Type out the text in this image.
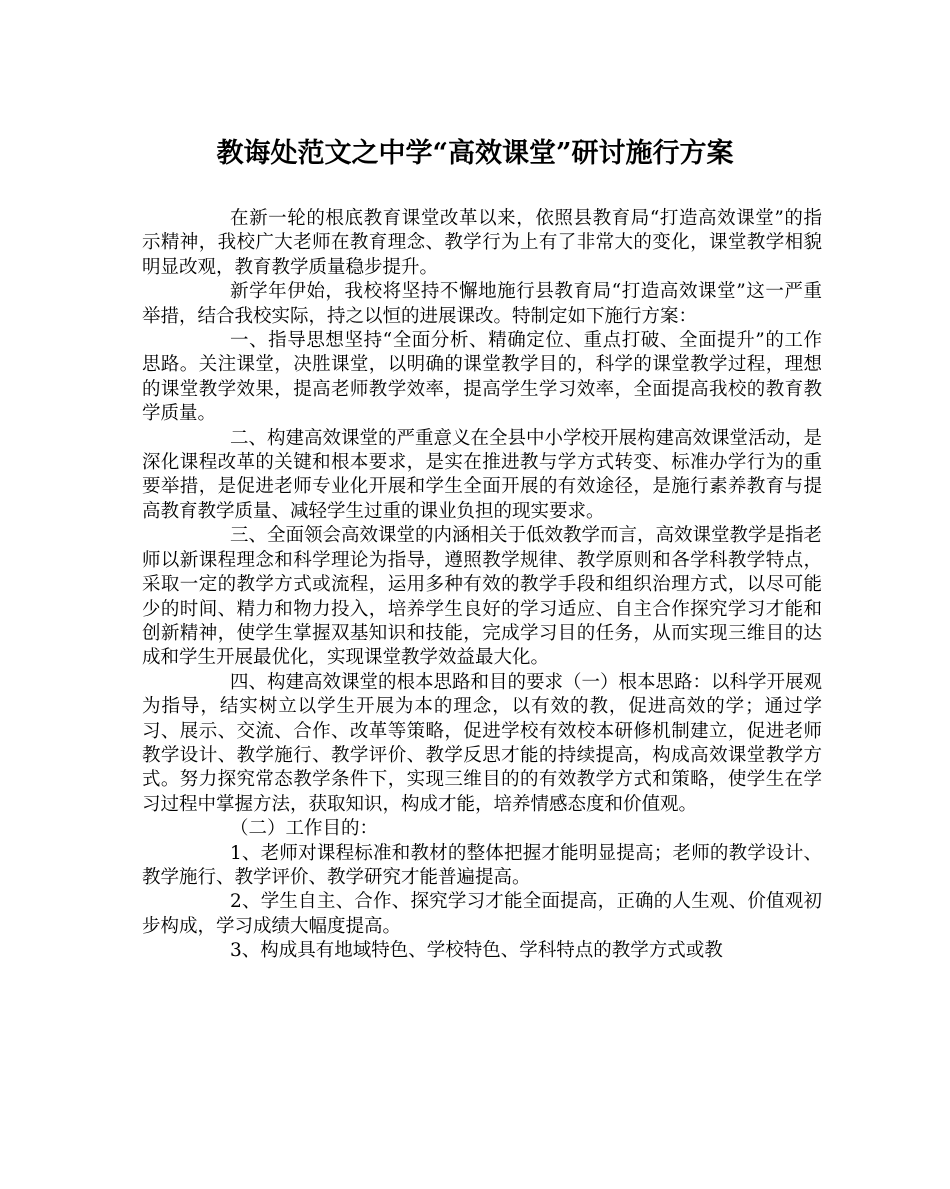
教诲处范文之中学“高效课堂”研讨施行方案

在新一轮的根底教育课堂改革以来，依照县教育局“打造高效课堂”的指示精神，我校广大老师在教育理念、教学行为上有了非常大的变化，课堂教学相貌明显改观，教育教学质量稳步提升。

新学年伊始，我校将坚持不懈地施行县教育局“打造高效课堂”这一严重举措，结合我校实际，持之以恒的进展课改。特制定如下施行方案：

一、指导思想坚持“全面分析、精确定位、重点打破、全面提升”的工作思路。关注课堂，决胜课堂，以明确的课堂教学目的，科学的课堂教学过程，理想的课堂教学效果，提高老师教学效率，提高学生学习效率，全面提高我校的教育教学质量。

二、构建高效课堂的严重意义在全县中小学校开展构建高效课堂活动，是深化课程改革的关键和根本要求，是实在推进教与学方式转变、标准办学行为的重要举措，是促进老师专业化开展和学生全面开展的有效途径，是施行素养教育与提高教育教学质量、减轻学生过重的课业负担的现实要求。

三、全面领会高效课堂的内涵相关于低效教学而言，高效课堂教学是指老师以新课程理念和科学理论为指导，遵照教学规律、教学原则和各学科教学特点，采取一定的教学方式或流程，运用多种有效的教学手段和组织治理方式，以尽可能少的时间、精力和物力投入，培养学生良好的学习适应、自主合作探究学习才能和创新精神，使学生掌握双基知识和技能，完成学习目的任务，从而实现三维目的达成和学生开展最优化，实现课堂教学效益最大化。

四、构建高效课堂的根本思路和目的要求（一）根本思路：以科学开展观为指导，结实树立以学生开展为本的理念，以有效的教，促进高效的学；通过学习、展示、交流、合作、改革等策略，促进学校有效校本研修机制建立，促进老师教学设计、教学施行、教学评价、教学反思才能的持续提高，构成高效课堂教学方式。努力探究常态教学条件下，实现三维目的的有效教学方式和策略，使学生在学习过程中掌握方法，获取知识，构成才能，培养情感态度和价值观。

（二）工作目的：

1、老师对课程标准和教材的整体把握才能明显提高；老师的教学设计、教学施行、教学评价、教学研究才能普遍提高。

2、学生自主、合作、探究学习才能全面提高，正确的人生观、价值观初步构成，学习成绩大幅度提高。

3、构成具有地域特色、学校特色、学科特点的教学方式或教
